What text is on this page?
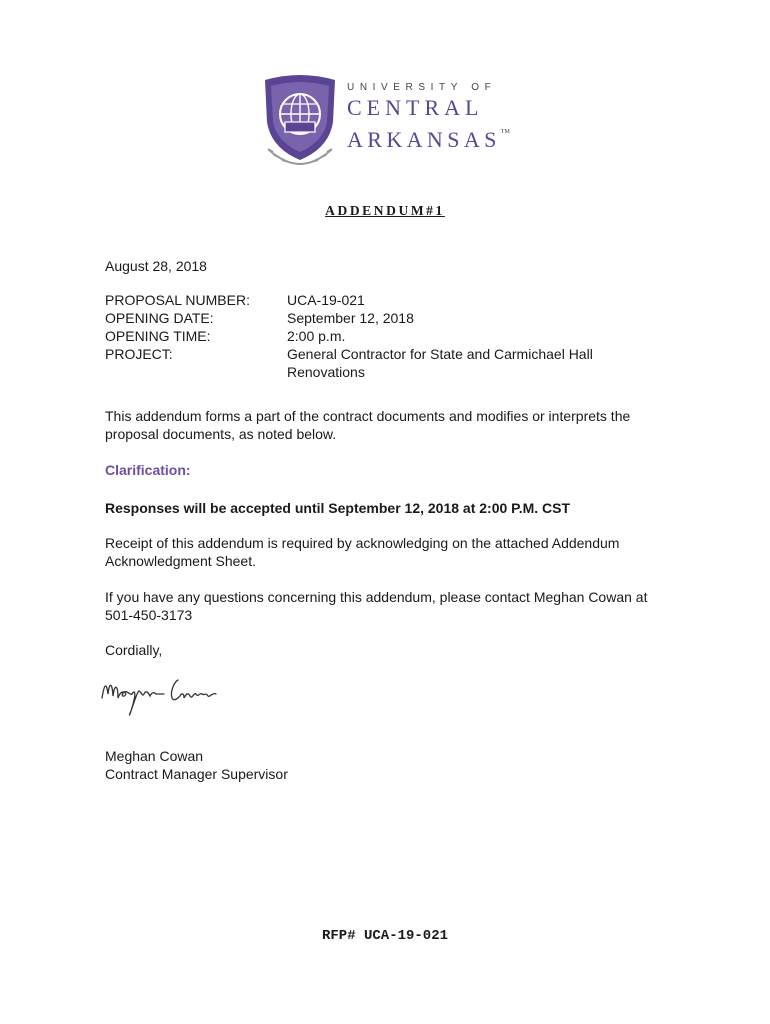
UNIVERSITY OF
CENTRAL
ARKANSAS™
ADDENDUM#1
August 28, 2018
PROPOSAL NUMBER:	UCA-19-021
OPENING DATE:	September 12, 2018
OPENING TIME:	2:00 p.m.
PROJECT:	General Contractor for State and Carmichael Hall Renovations
This addendum forms a part of the contract documents and modifies or interprets the proposal documents, as noted below.
Clarification:
Responses will be accepted until September 12, 2018 at 2:00 P.M. CST
Receipt of this addendum is required by acknowledging on the attached Addendum Acknowledgment Sheet.
If you have any questions concerning this addendum, please contact Meghan Cowan at 501-450-3173
Cordially,
Meghan Cowan
Contract Manager Supervisor
RFP# UCA-19-021
